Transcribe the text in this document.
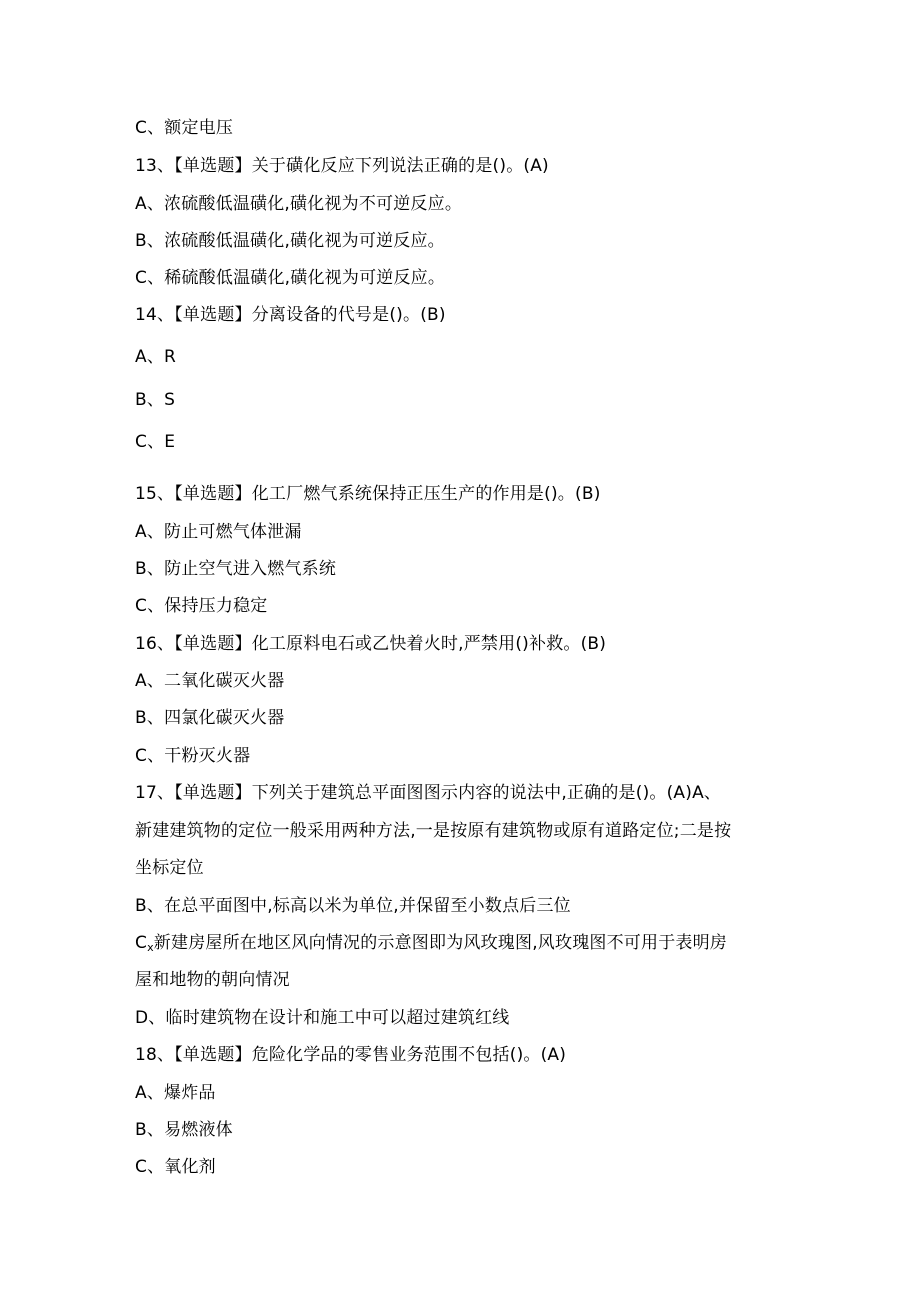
C、额定电压
13、【单选题】关于磺化反应下列说法正确的是()。(A)
A、浓硫酸低温磺化,磺化视为不可逆反应。
B、浓硫酸低温磺化,磺化视为可逆反应。
C、稀硫酸低温磺化,磺化视为可逆反应。
14、【单选题】分离设备的代号是()。(B)
A、R
B、S
C、E
15、【单选题】化工厂燃气系统保持正压生产的作用是()。(B)
A、防止可燃气体泄漏
B、防止空气进入燃气系统
C、保持压力稳定
16、【单选题】化工原料电石或乙快着火时,严禁用()补救。(B)
A、二氧化碳灭火器
B、四氯化碳灭火器
C、干粉灭火器
17、【单选题】下列关于建筑总平面图图示内容的说法中,正确的是()。(A)A、
新建建筑物的定位一般采用两种方法,一是按原有建筑物或原有道路定位;二是按
坐标定位
B、在总平面图中,标高以米为单位,并保留至小数点后三位
$C_x$新建房屋所在地区风向情况的示意图即为风玫瑰图,风玫瑰图不可用于表明房
屋和地物的朝向情况
D、临时建筑物在设计和施工中可以超过建筑红线
18、【单选题】危险化学品的零售业务范围不包括()。(A)
A、爆炸品
B、易燃液体
C、氧化剂
